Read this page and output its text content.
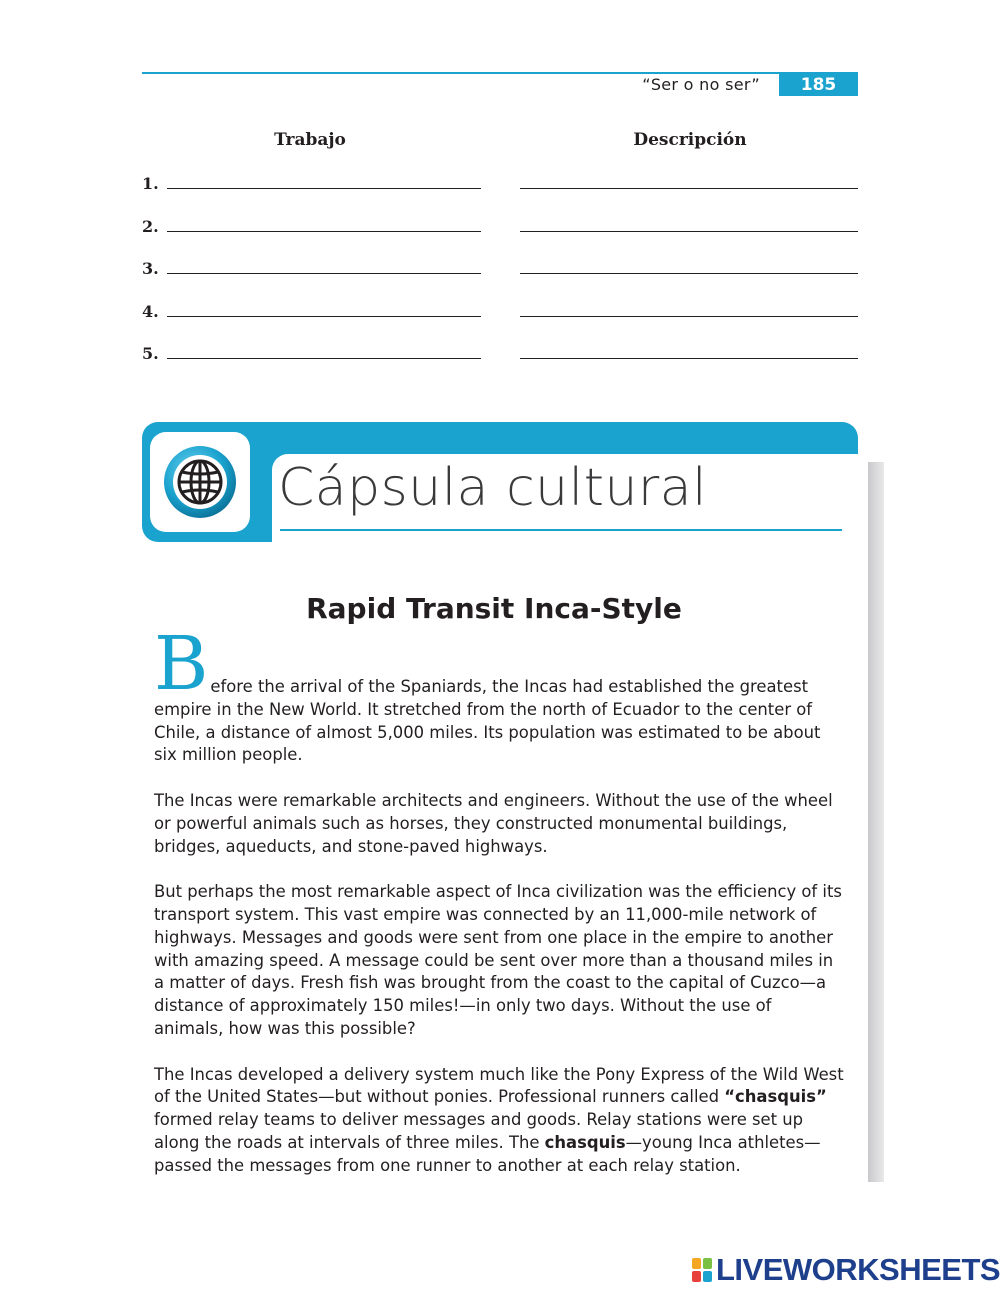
“Ser o no ser”	185
Trabajo	Descripción
1.
2.
3.
4.
5.
Cápsula cultural
Rapid Transit Inca-Style

Before the arrival of the Spaniards, the Incas had established the greatest empire in the New World. It stretched from the north of Ecuador to the center of Chile, a distance of almost 5,000 miles. Its population was estimated to be about six million people.

The Incas were remarkable architects and engineers. Without the use of the wheel or powerful animals such as horses, they constructed monumental buildings, bridges, aqueducts, and stone-paved highways.

But perhaps the most remarkable aspect of Inca civilization was the efficiency of its transport system. This vast empire was connected by an 11,000-mile network of highways. Messages and goods were sent from one place in the empire to another with amazing speed. A message could be sent over more than a thousand miles in a matter of days. Fresh fish was brought from the coast to the capital of Cuzco—a distance of approximately 150 miles!—in only two days. Without the use of animals, how was this possible?

The Incas developed a delivery system much like the Pony Express of the Wild West of the United States—but without ponies. Professional runners called “chasquis” formed relay teams to deliver messages and goods. Relay stations were set up along the roads at intervals of three miles. The chasquis—young Inca athletes—passed the messages from one runner to another at each relay station.

LIVEWORKSHEETS
